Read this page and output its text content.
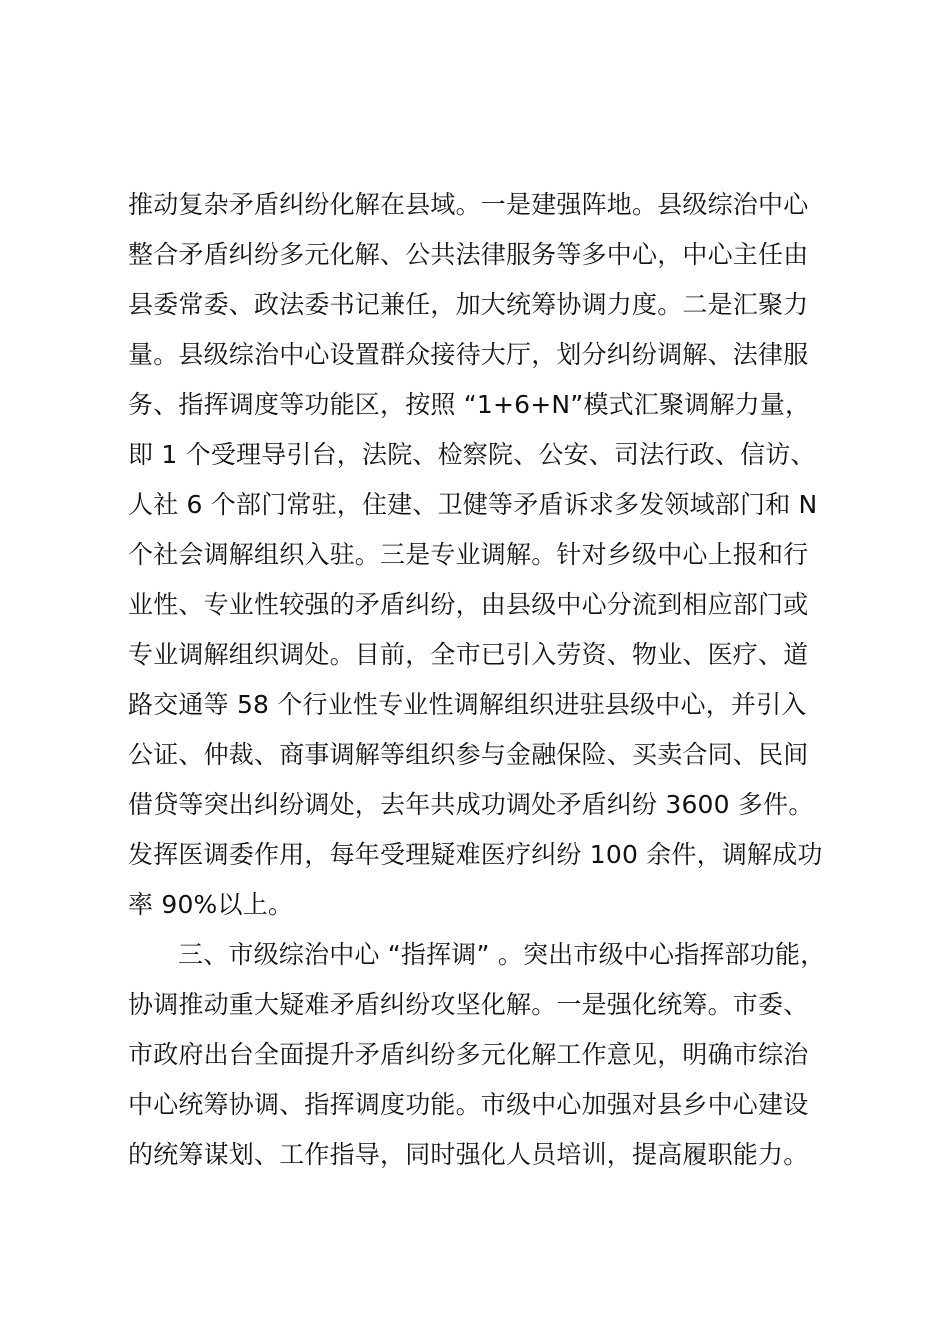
推动复杂矛盾纠纷化解在县域。一是建强阵地。县级综治中心
整合矛盾纠纷多元化解、公共法律服务等多中心，中心主任由
县委常委、政法委书记兼任，加大统筹协调力度。二是汇聚力
量。县级综治中心设置群众接待大厅，划分纠纷调解、法律服
务、指挥调度等功能区，按照 “1+6+N”模式汇聚调解力量，
即 1 个受理导引台，法院、检察院、公安、司法行政、信访、
人社 6 个部门常驻，住建、卫健等矛盾诉求多发领域部门和 N
个社会调解组织入驻。三是专业调解。针对乡级中心上报和行
业性、专业性较强的矛盾纠纷，由县级中心分流到相应部门或
专业调解组织调处。目前，全市已引入劳资、物业、医疗、道
路交通等 58 个行业性专业性调解组织进驻县级中心，并引入
公证、仲裁、商事调解等组织参与金融保险、买卖合同、民间
借贷等突出纠纷调处，去年共成功调处矛盾纠纷 3600 多件。
发挥医调委作用，每年受理疑难医疗纠纷 100 余件，调解成功
率 90%以上。
三、市级综治中心 “指挥调” 。突出市级中心指挥部功能，
协调推动重大疑难矛盾纠纷攻坚化解。一是强化统筹。市委、
市政府出台全面提升矛盾纠纷多元化解工作意见，明确市综治
中心统筹协调、指挥调度功能。市级中心加强对县乡中心建设
的统筹谋划、工作指导，同时强化人员培训，提高履职能力。
